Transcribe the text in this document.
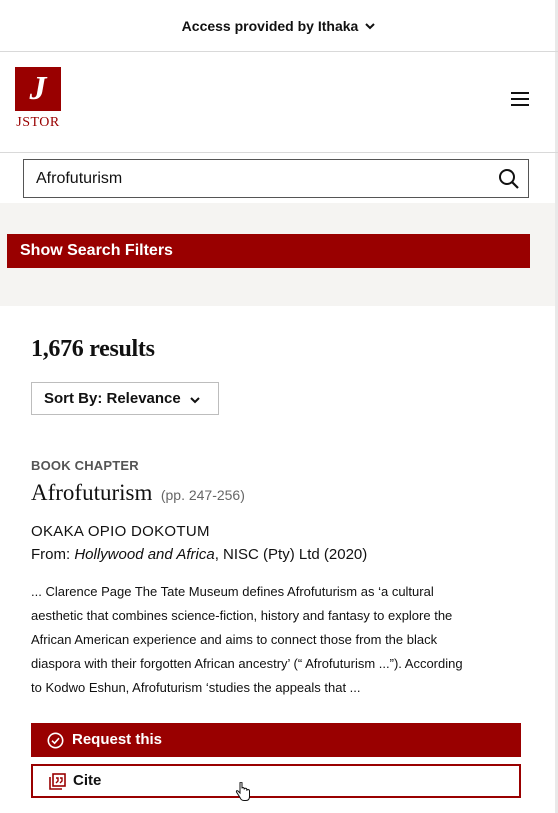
Access provided by Ithaka
J
JSTOR
Afrofuturism
Show Search Filters
1,676 results
Sort By: Relevance
BOOK CHAPTER
Afrofuturism (pp. 247-256)
OKAKA OPIO DOKOTUM
From: Hollywood and Africa, NISC (Pty) Ltd (2020)
... Clarence Page The Tate Museum defines Afrofuturism as ‘a cultural
aesthetic that combines science-fiction, history and fantasy to explore the
African American experience and aims to connect those from the black
diaspora with their forgotten African ancestry’ (“ Afrofuturism ...”). According
to Kodwo Eshun, Afrofuturism ‘studies the appeals that ...
Request this
Cite
